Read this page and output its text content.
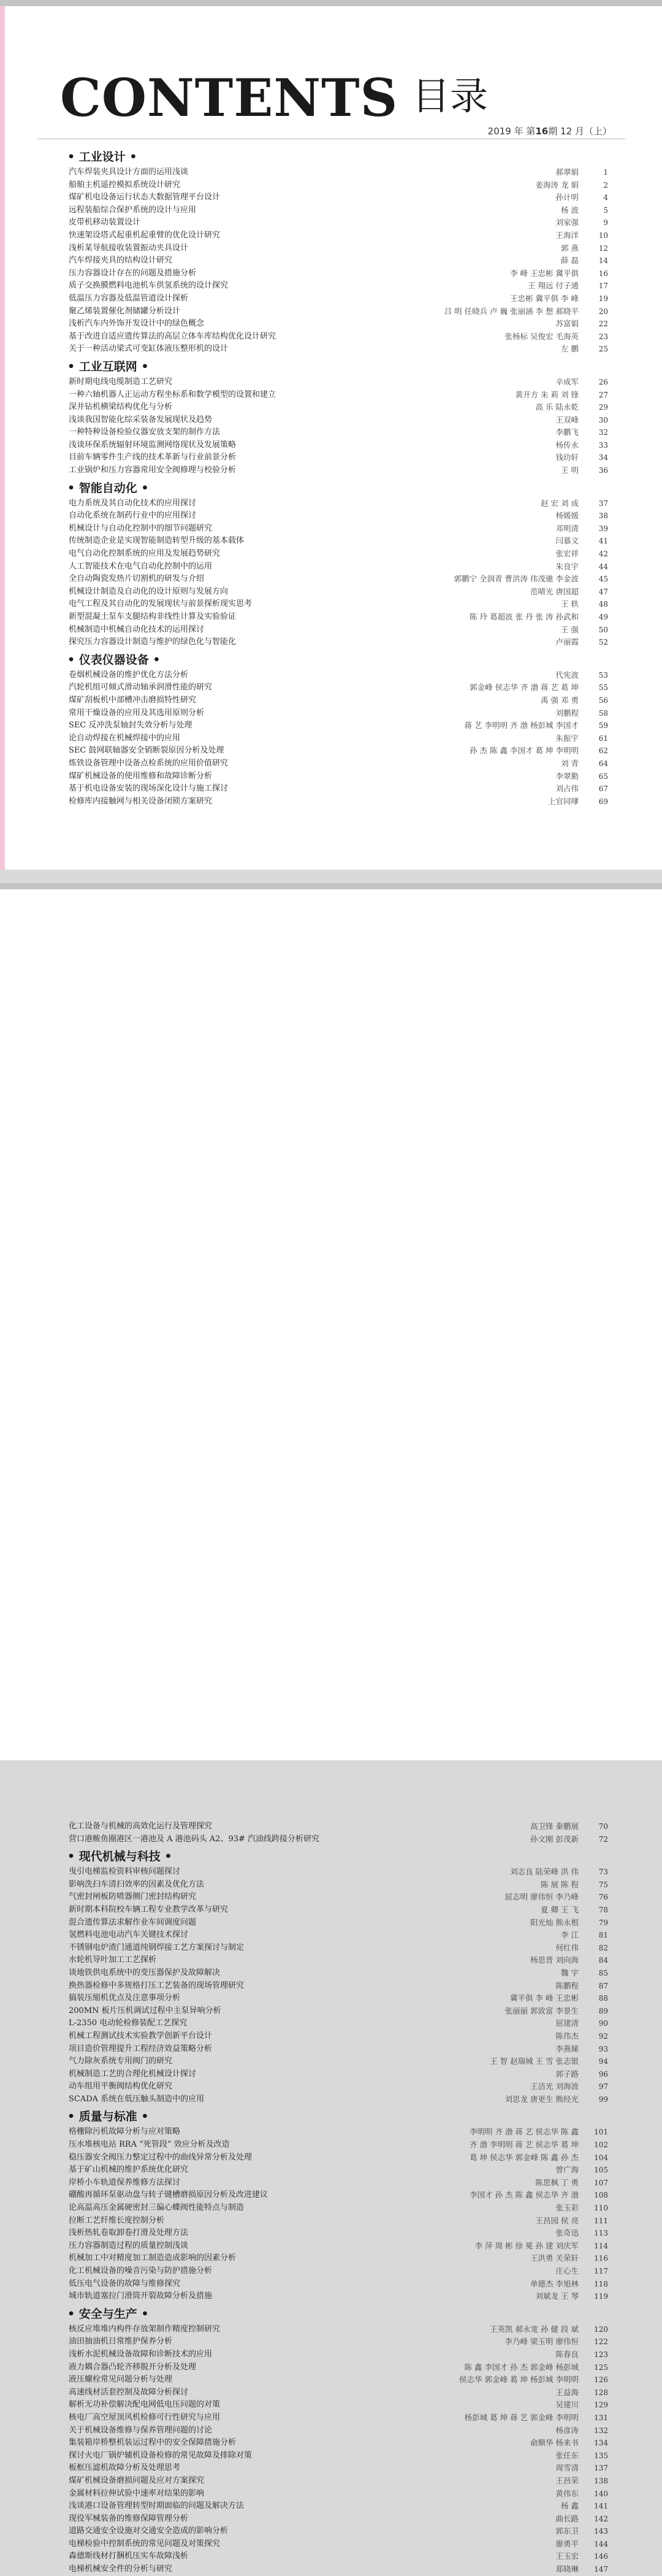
CONTENTS 目录
2019 年 第16期 12 月（上）
• 工业设计 •
汽车焊装夹具设计方面的运用浅谈	郝翠娟	1
船舶主机遥控模拟系统设计研究	姜海涛 龙 娟	2
煤矿机电设备运行状态大数据管理平台设计	孙计明	4
远程装船综合保护系统的设计与应用	杨 波	5
皮带机移动装置设计	刘家强	9
快速架设塔式起重机起重臂的优化设计研究	王海洋	10
浅析某导航接收装置振动夹具设计	郭 燕	12
汽车焊接夹具的结构设计研究	薛 磊	14
压力容器设计存在的问题及措施分析	李 峰 王忠彬 冀平俱	16
质子交换膜燃料电池机车供氢系统的设计探究	王 翔远 付子通	17
低温压力容器及低温管道设计探析	王忠彬 冀平俱 李 峰	19
聚乙烯装置催化剂储罐分析设计	吕 明 任晓兵 卢 巍 张丽涵 李 想 郝晓平	20
浅析汽车内外饰开发设计中的绿色概念	苏富娟	22
基于改进自适应遗传算法的高层立体车库结构优化设计研究	张杨标 吴俊宏 毛海英	23
关于一种活动梁式可变缸体液压整形机的设计	左 鹏	25
• 工业互联网 •
新时期电线电缆制造工艺研究	辛成军	26
一种六轴机器人正运动方程坐标系和数学模型的设置和建立	黄开方 朱 莉 刘 锋	27
深井钻机横梁结构优化与分析	高 乐 陆永乾	29
浅谈我国智能化综采装备发展现状及趋势	王双峰	30
一种特种设备检验仪器安放支架的制作方法	李鹏飞	32
浅谈环保系统辐射环境监测网络现状及发展策略	杨传永	33
目前车辆零件生产线的技术革新与行业前景分析	钱玏轩	34
工业锅炉和压力容器常用安全阀修理与校验分析	王 明	36
• 智能自动化 •
电力系统及其自动化技术的应用探讨	赵 宏 刘 成	37
自动化系统在制药行业中的应用探讨	杨媛媛	38
机械设计与自动化控制中的细节问题研究	邓明清	39
传统制造企业是实现智能制造转型升级的基本载体	闫慕文	41
电气自动化控制系统的应用及发展趋势研究	张宏祥	42
人工智能技术在电气自动化控制中的运用	朱良宇	44
全自动陶瓷发热片切割机的研发与介绍	郭鹏宁 全润青 曹洪涛 伟茂驰 李金波	45
机械设计制造及自动化的设计原则与发展方向	范晴光 唐国超	47
电气工程及其自动化的发展现状与前景探析现实思考	王 轶	48
新型混凝土泵车支腿结构非线性计算及实验验证	陈 玲 葛超波 张 丹 张 涛 孙武和	49
机械制造中机械自动化技术的运用探讨	王 强	50
探究压力容器设计制造与维护的绿色化与智能化	卢丽霞	52
• 仪表仪器设备 •
卷烟机械设备的维护优化方法分析	代宪波	53
汽轮机组可倾式滑动轴承润滑性能的研究	郭金峰 侯志华 齐 渤 蒋 艺 葛 坤	55
煤矿刮板机中部槽冲击磨损特性研究	禹 强 邓 勇	56
常用干燥设备的应用及其选用原则分析	刘鹏程	58
SEC 反冲洗泵轴封失效分析与处理	蒋 艺 李明明 齐 渤 杨彭城 李国才	59
论自动焊接在机械焊接中的应用	朱振宇	61
SEC 鼓网联轴器安全销断裂原因分析及处理	孙 杰 陈 鑫 李国才 葛 坤 李明明	62
炼铁设备管理中设备点检系统的应用价值研究	刘 青	64
煤矿机械设备的使用维修和故障诊断分析	李翠勤	65
基于机电设备安装的现场深化设计与施工探讨	刘占伟	67
检修库内接触网与相关设备闭锁方案研究	上官同嗲	69
化工设备与机械的高效化运行及管理探究	高卫锋 秦鹏展	70
营口港鲅鱼圈港区一港池及 A 港池码头 A2、93# 汽油线跨接分析研究	孙文刚 彭茂新	72
• 现代机械与科技 •
曳引电梯监检资料审核问题探讨	刘志良 陆荣峰 洪 伟	73
影响洗扫车清扫效率的因素及优化方法	陈 展 陈 程	75
气密封闸板防喷器侧门密封结构研究	屈志明 廖伟恒 李乃峰	76
新时期本科院校车辆工程专业教学改革与研究	夏 卿 王 飞	78
混合遗传算法求解作业车间调度问题	阳光灿 熊永根	79
氢燃料电池电动汽车关键技术探讨	李 江	81
不锈钢电炉渣门通道纯钢焊接工艺方案探讨与制定	何红伟	82
水轮机导叶加工工艺探析	杨思晋 刘向海	84
谈地铁供电系统中的变压器保护及故障解决	魏 宇	85
换热器检修中多规格打压工艺装备的现场管理研究	陈鹏程	87
搞装压缩机优点及注意事项分析	冀平俱 李 峰 王忠彬	88
200MN 板片压机调试过程中主泵异响分析	张丽丽 郭致富 李景生	89
L-2350 电动轮检修装配工艺探究	屈建清	90
机械工程测试技术实验教学创新平台设计	陈伟杰	92
项目造价管理提升工程经济效益策略分析	李燕娣	93
气力除灰系统专用阀门的研究	王 智 赵瑞城 王 雪 张志银	94
机械制造工艺的合理化机械设计探讨	郭子路	96
动车组用平衡阀结构优化研究	王洁光 刘海波	97
SCADA 系统在低压触头制造中的应用	刘思龙 唐更生 熊经光	99
• 质量与标准 •
格栅除污机故障分析与应对策略	李明明 齐 渤 蒋 艺 侯志华 陈 鑫	101
压水堆核电站 RRA “死管段” 效应分析及改造	齐 渤 李明明 蒋 艺 侯志华 葛 坤	102
稳压器安全阀压力整定过程中的曲线异常分析及处理	葛 坤 侯志华 郭金峰 陈 鑫 孙 杰	104
基于矿山机械的维护系统优化研究	曾广海	105
岸桥小车轨道保养维修方法探讨	陈思枫 丁 勇	107
硼酸再循环泵驱动盘与转子键槽磨损原因分析及改进建议	李国才 孙 杰 陈 鑫 侯志华 齐 渤	108
论高温高压金属硬密封三偏心蝶阀性能特点与制造	张玉彩	110
拉断工艺纤维长度控制分析	王昌园 侯 亮	111
浅析热轧卷取卸卷打滑及处理方法	张奇迅	113
压力容器制造过程的质量控制浅谈	李 萍 周 彬 徐 冕 孙 建 刘庆军	114
机械加工中对精度加工制造造成影响的因素分析	王洪勇 关荣轩	116
化工机械设备的噪音污染与防护措施分析	庄心生	117
低压电气设备的故障与维修探究	单德杰 李旭林	118
城市轨道塞拉门滑筒开裂故障分析及措施	刘斌龙 王 琴	119
• 安全与生产 •
核反应堆堆内构件存放架制作精度控制研究	王英凯 郝永宽 孙 健 段 斌	120
油田抽油机日常维护保养分析	李乃峰 梁玉明 廖伟恒	122
浅析水泥机械设备故障和诊断技术的应用	陈春良	123
液力耦合器凸轮齐移脱开分析及处理	陈 鑫 李国才 孙 杰 郭金峰 杨彭城	125
液压螺栓常见问题分析与处理	侯志华 郭金峰 葛 坤 杨彭城 李明明	126
高速线材活套控制及故障分析探讨	王益海	128
解析无功补偿解决配电网低电压问题的对策	吴建川	129
核电厂高空屋顶风机检修可行性研究与应用	杨彭城 葛 坤 蒋 艺 郭金峰 李明明	131
关于机械设备维修与保养管理问题的讨论	杨彦涛	132
集装箱岸桥整机装运过程中的安全保障措施分析	俞顺华 杨来书	134
探讨火电厂锅炉辅机设备检修的常见故障及排除对策	张任东	135
板框压滤机故障分析及处理思考	周雪清	137
煤矿机械设备磨损问题及应对方案探究	王昌荣	138
金属材料拉伸试验中速率对结果的影响	黄伟东	140
浅谈港口设备管理转型时期面临的问题及解决方法	杨 鑫	141
现役军械装备的维修保障管理分析	曲长路	142
道路交通安全设施对交通安全造成的影响分析	郭东卫	143
电梯检验中控制系统的常见问题及对策探究	廖勇平	144
森德斯线材打捆机压实车故障浅析	王玉宏	146
电梯机械安全件的分析与研究	郑晓琳	147
